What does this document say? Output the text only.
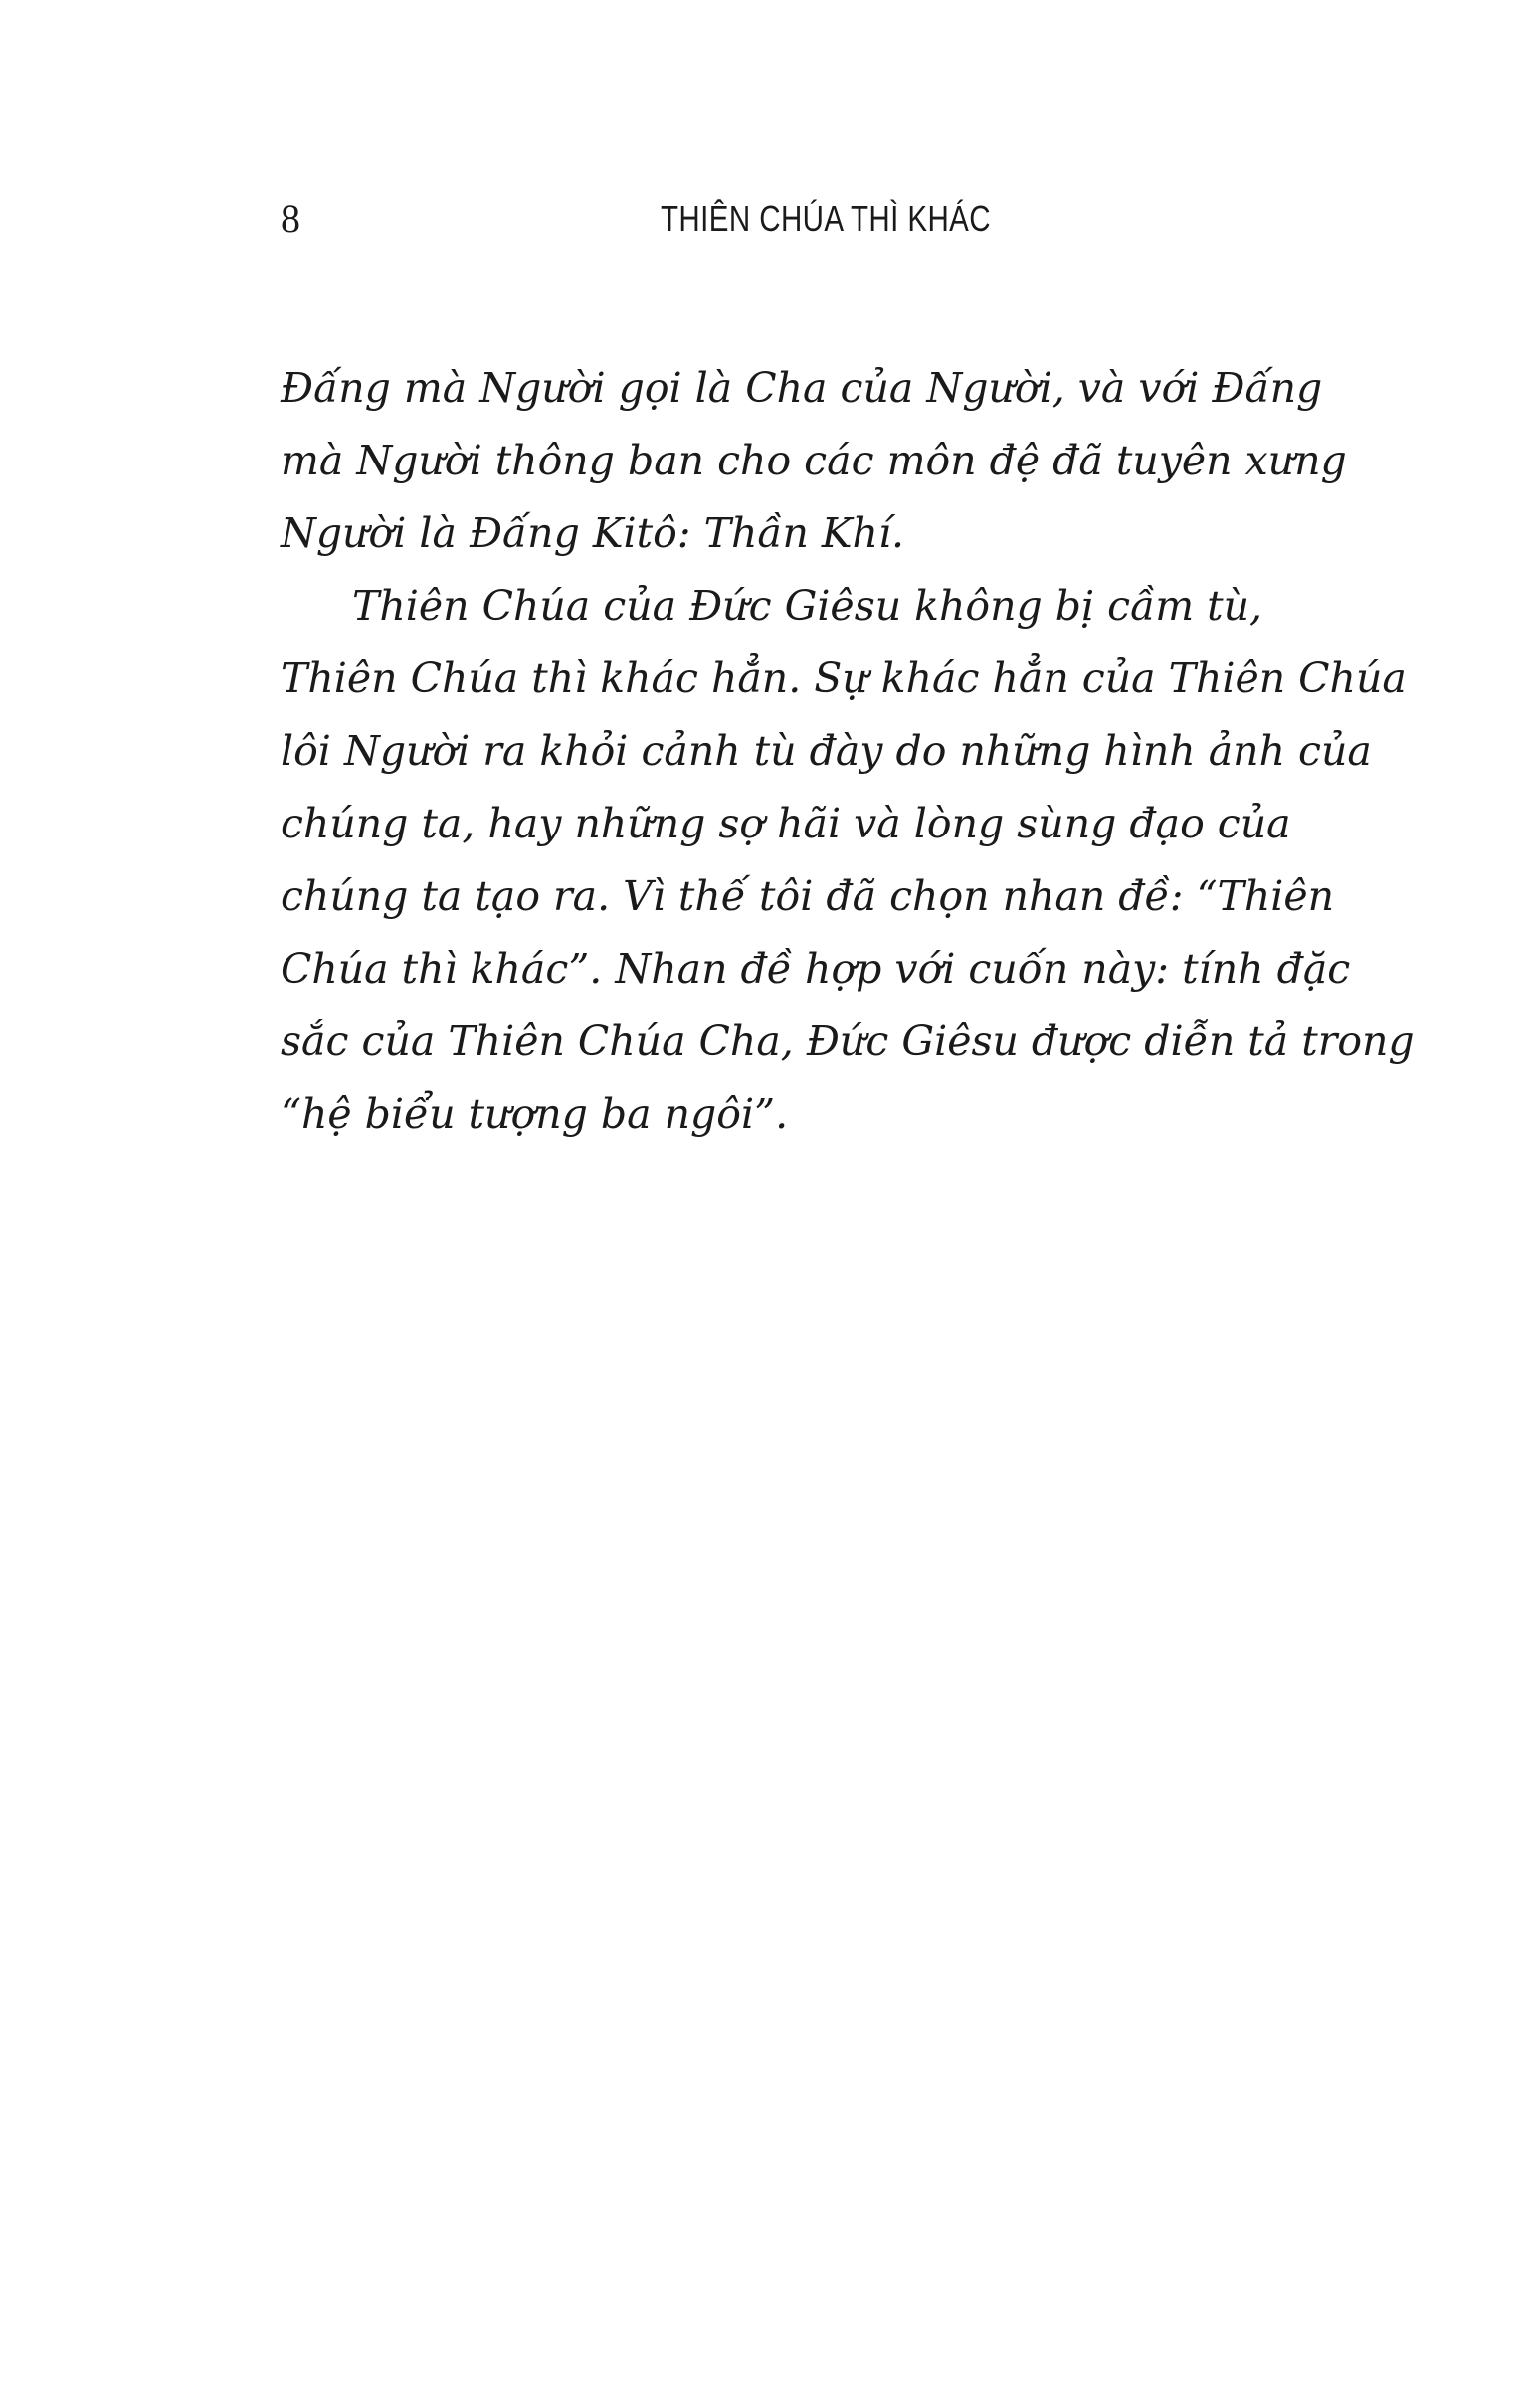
8	THIÊN CHÚA THÌ KHÁC
Đấng mà Người gọi là Cha của Người, và với Đấng
mà Người thông ban cho các môn đệ đã tuyên xưng
Người là Đấng Kitô: Thần Khí.
Thiên Chúa của Đức Giêsu không bị cầm tù,
Thiên Chúa thì khác hẳn. Sự khác hẳn của Thiên Chúa
lôi Người ra khỏi cảnh tù đày do những hình ảnh của
chúng ta, hay những sợ hãi và lòng sùng đạo của
chúng ta tạo ra. Vì thế tôi đã chọn nhan đề: “Thiên
Chúa thì khác”. Nhan đề hợp với cuốn này: tính đặc
sắc của Thiên Chúa Cha, Đức Giêsu được diễn tả trong
“hệ biểu tượng ba ngôi”.
